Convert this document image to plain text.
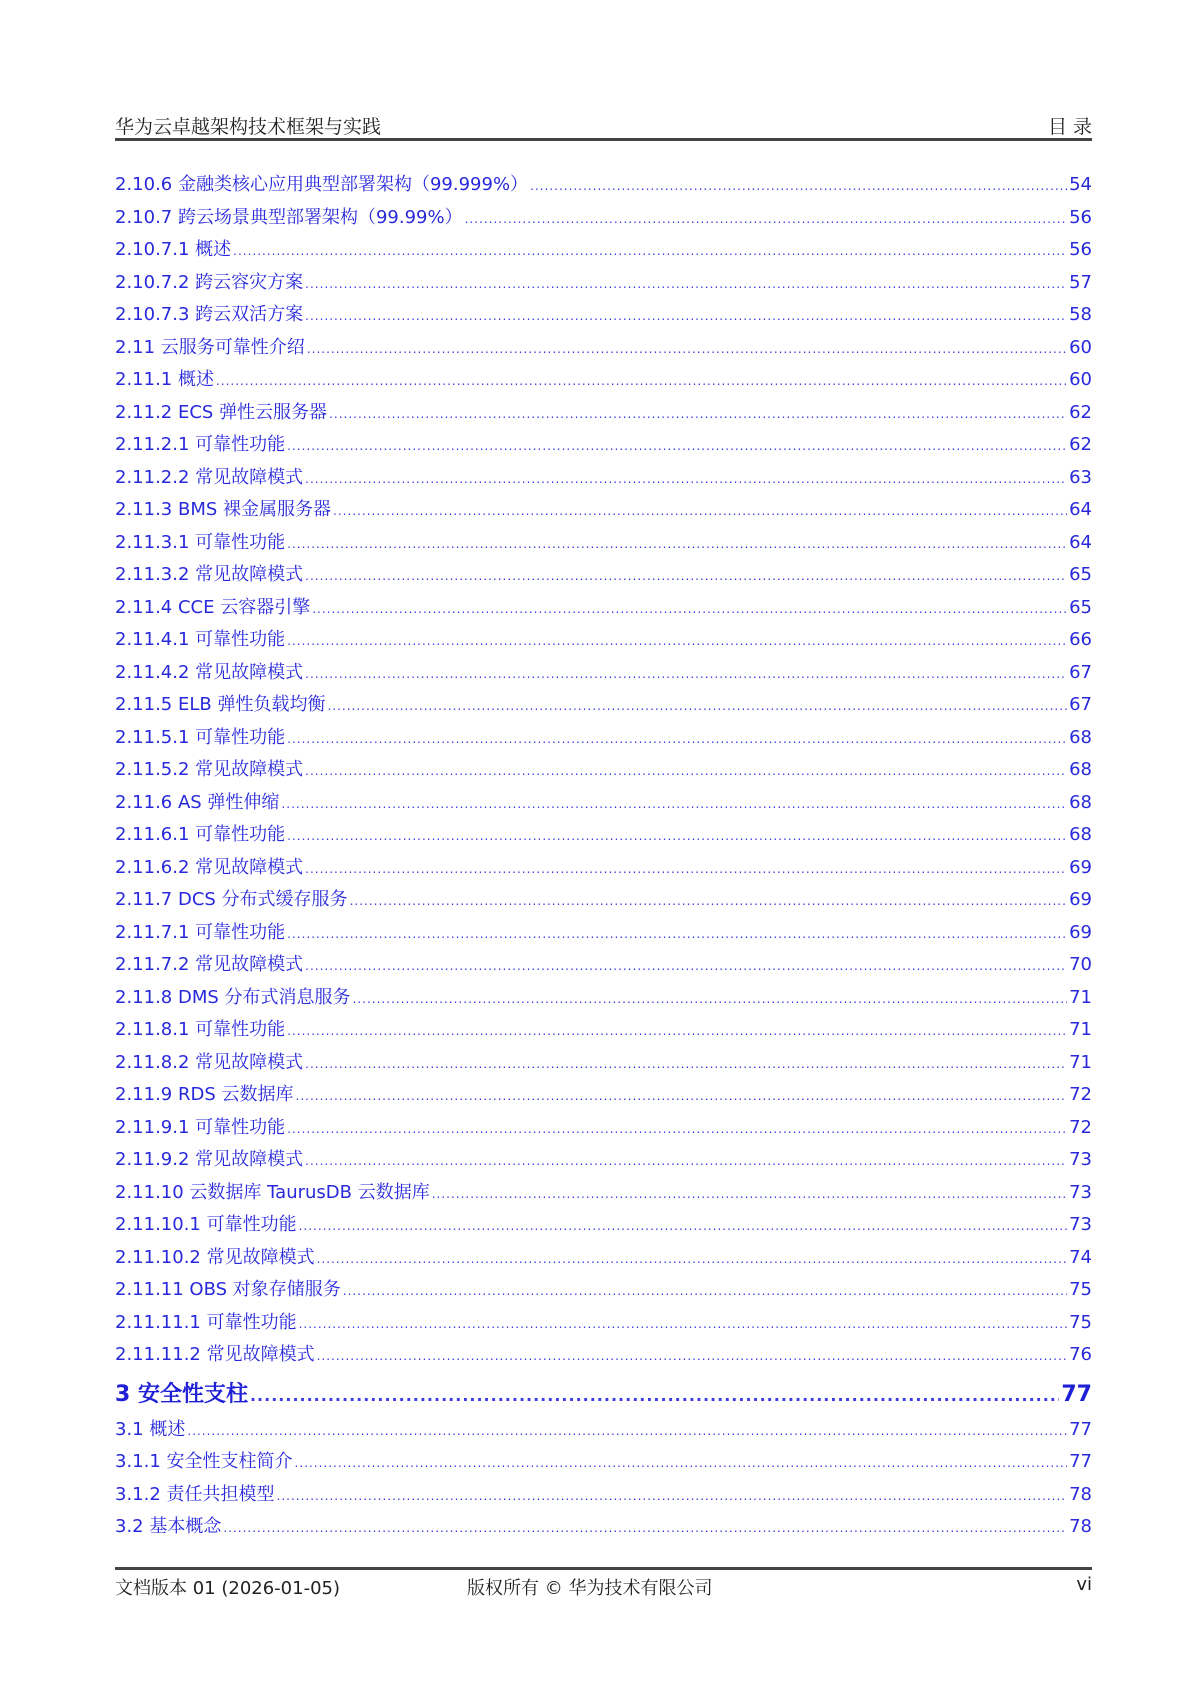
华为云卓越架构技术框架与实践	目 录
2.10.6 金融类核心应用典型部署架构（99.999%） .....	54
2.10.7 跨云场景典型部署架构（99.99%） .....	56
2.10.7.1 概述 .....	56
2.10.7.2 跨云容灾方案 .....	57
2.10.7.3 跨云双活方案 .....	58
2.11 云服务可靠性介绍 .....	60
2.11.1 概述 .....	60
2.11.2 ECS 弹性云服务器 .....	62
2.11.2.1 可靠性功能 .....	62
2.11.2.2 常见故障模式 .....	63
2.11.3 BMS 裸金属服务器 .....	64
2.11.3.1 可靠性功能 .....	64
2.11.3.2 常见故障模式 .....	65
2.11.4 CCE 云容器引擎 .....	65
2.11.4.1 可靠性功能 .....	66
2.11.4.2 常见故障模式 .....	67
2.11.5 ELB 弹性负载均衡 .....	67
2.11.5.1 可靠性功能 .....	68
2.11.5.2 常见故障模式 .....	68
2.11.6 AS 弹性伸缩 .....	68
2.11.6.1 可靠性功能 .....	68
2.11.6.2 常见故障模式 .....	69
2.11.7 DCS 分布式缓存服务 .....	69
2.11.7.1 可靠性功能 .....	69
2.11.7.2 常见故障模式 .....	70
2.11.8 DMS 分布式消息服务 .....	71
2.11.8.1 可靠性功能 .....	71
2.11.8.2 常见故障模式 .....	71
2.11.9 RDS 云数据库 .....	72
2.11.9.1 可靠性功能 .....	72
2.11.9.2 常见故障模式 .....	73
2.11.10 云数据库 TaurusDB 云数据库 .....	73
2.11.10.1 可靠性功能 .....	73
2.11.10.2 常见故障模式 .....	74
2.11.11 OBS 对象存储服务 .....	75
2.11.11.1 可靠性功能 .....	75
2.11.11.2 常见故障模式 .....	76
3 安全性支柱 .....	77
3.1 概述 .....	77
3.1.1 安全性支柱简介 .....	77
3.1.2 责任共担模型 .....	78
3.2 基本概念 .....	78
文档版本 01 (2026-01-05)	版权所有 © 华为技术有限公司	vi
